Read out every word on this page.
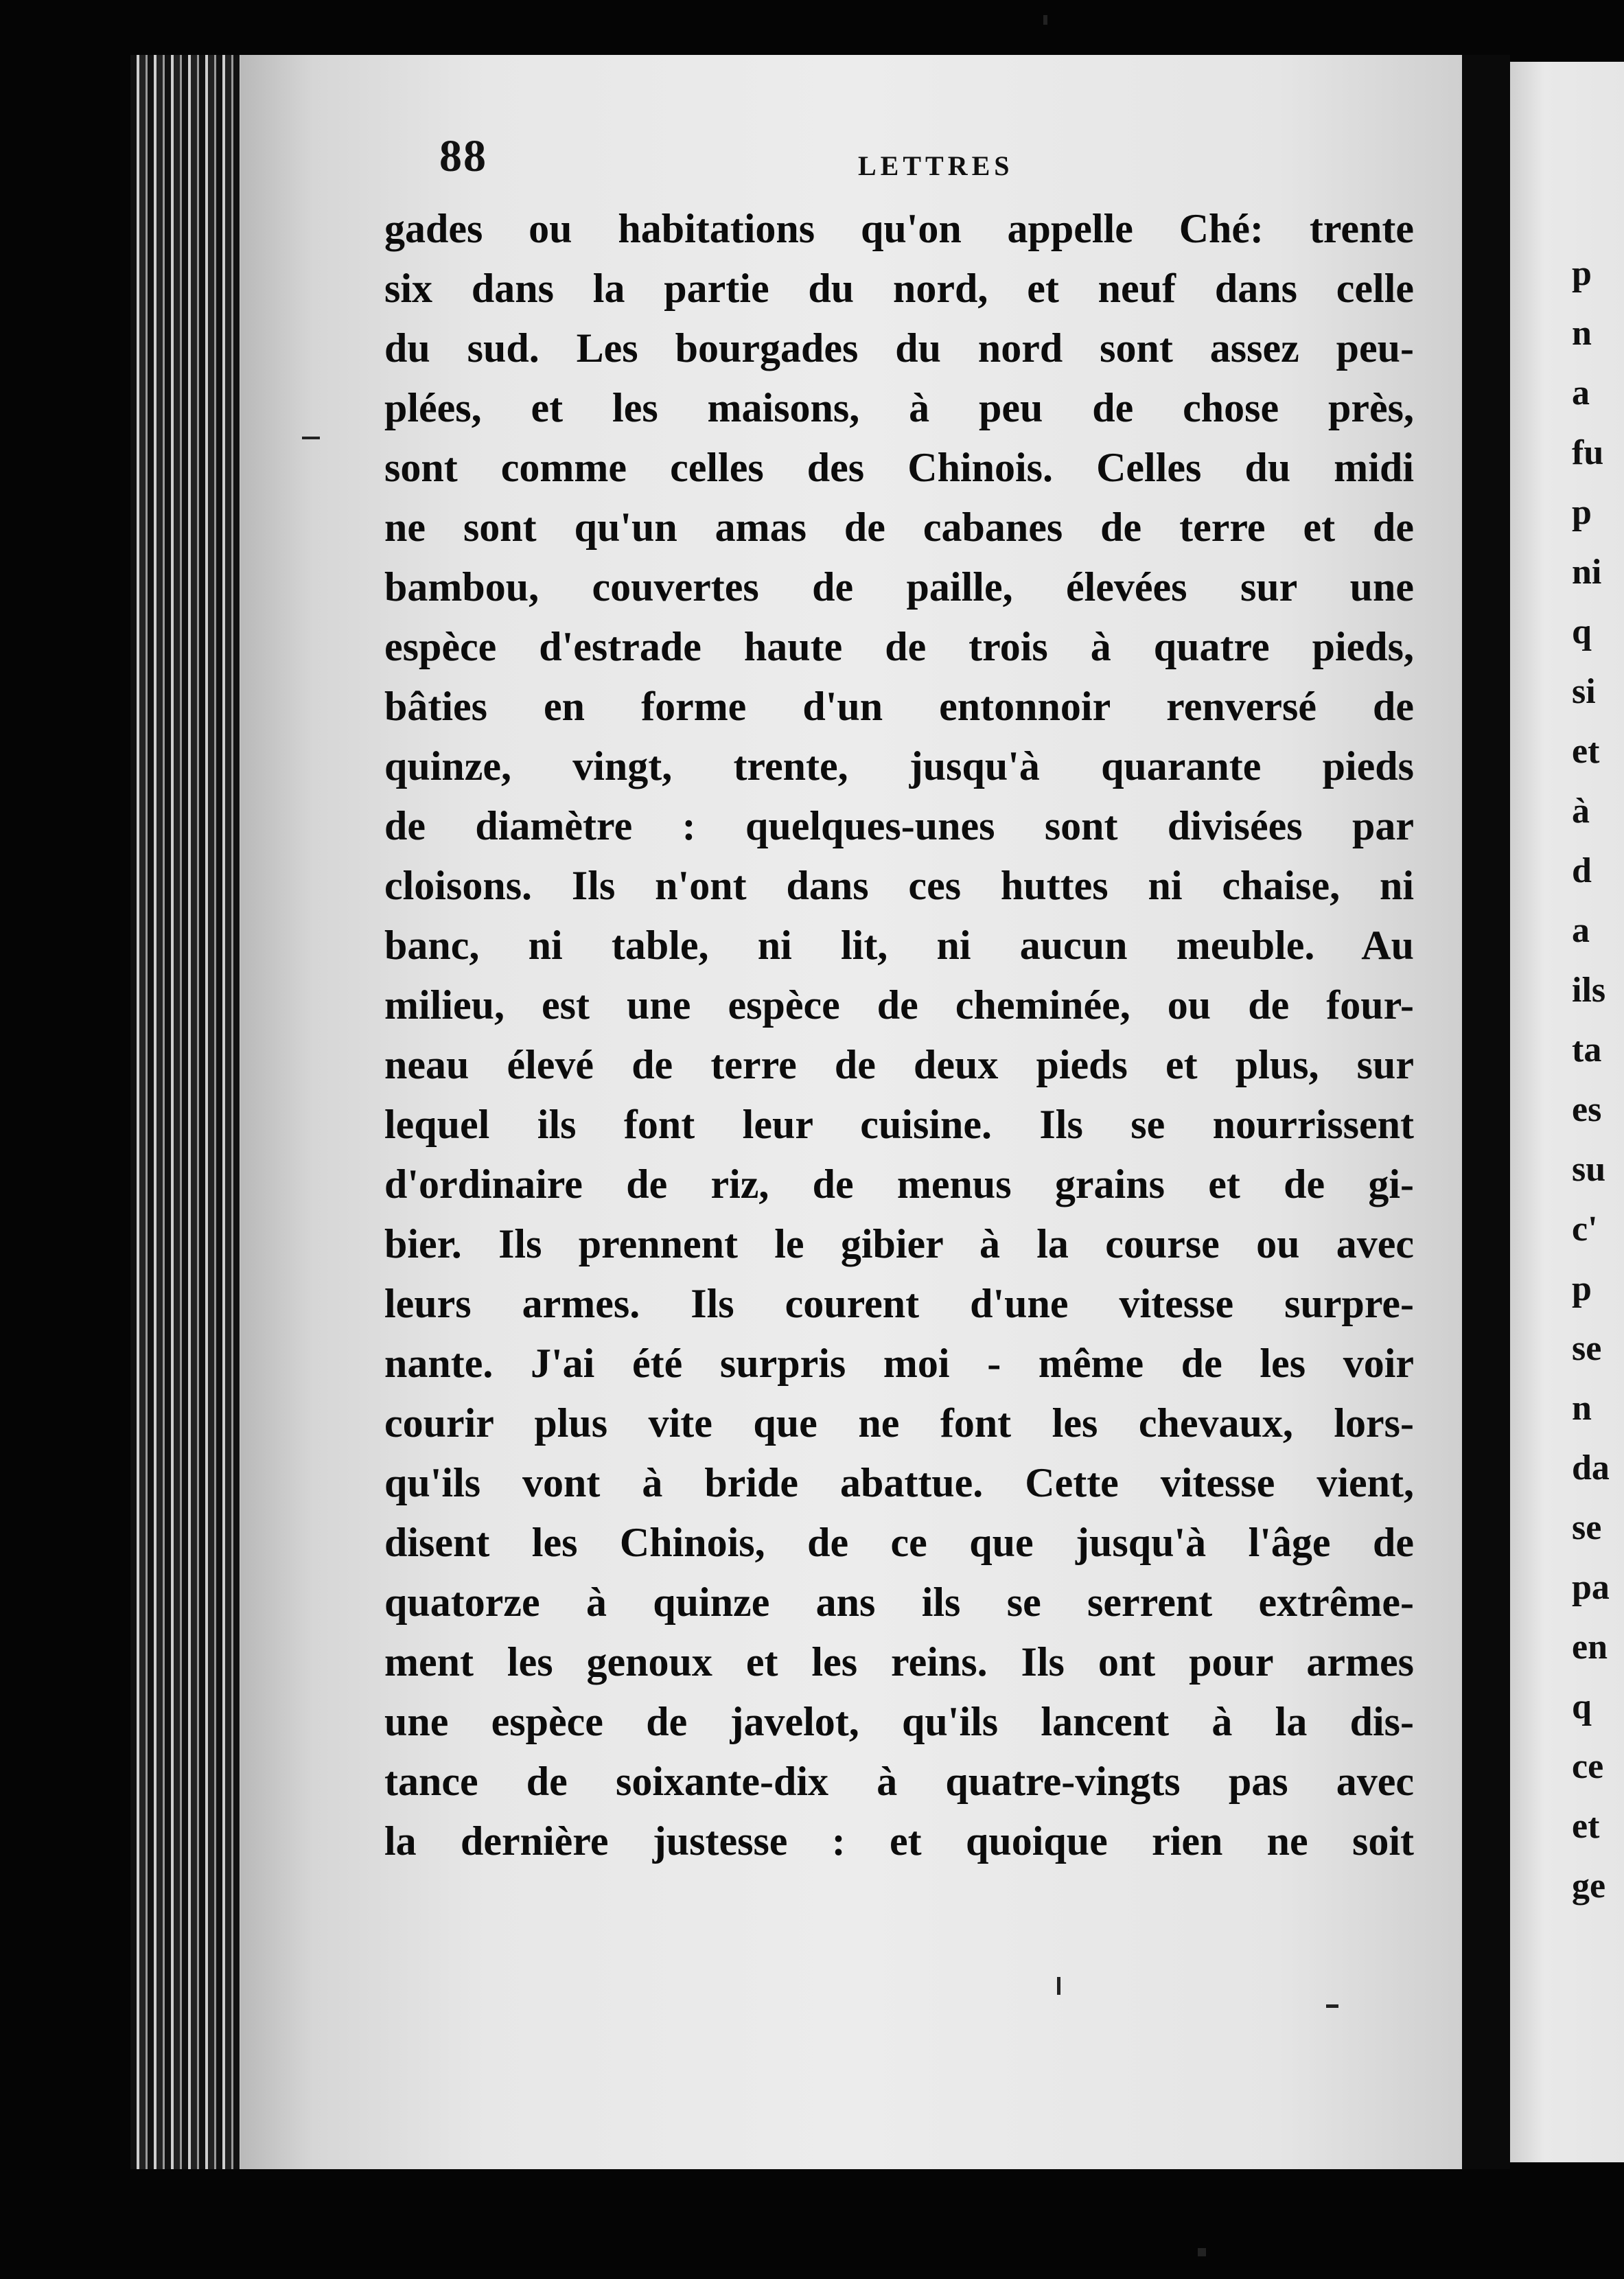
88	LETTRES
gades ou habitations qu'on appelle Ché: trente
six dans la partie du nord, et neuf dans celle
du sud. Les bourgades du nord sont assez peu-
plées, et les maisons, à peu de chose près,
sont comme celles des Chinois. Celles du midi
ne sont qu'un amas de cabanes de terre et de
bambou, couvertes de paille, élevées sur une
espèce d'estrade haute de trois à quatre pieds,
bâties en forme d'un entonnoir renversé de
quinze, vingt, trente, jusqu'à quarante pieds
de diamètre : quelques-unes sont divisées par
cloisons. Ils n'ont dans ces huttes ni chaise, ni
banc, ni table, ni lit, ni aucun meuble. Au
milieu, est une espèce de cheminée, ou de four-
neau élevé de terre de deux pieds et plus, sur
lequel ils font leur cuisine. Ils se nourrissent
d'ordinaire de riz, de menus grains et de gi-
bier. Ils prennent le gibier à la course ou avec
leurs armes. Ils courent d'une vitesse surpre-
nante. J'ai été surpris moi - même de les voir
courir plus vite que ne font les chevaux, lors-
qu'ils vont à bride abattue. Cette vitesse vient,
disent les Chinois, de ce que jusqu'à l'âge de
quatorze à quinze ans ils se serrent extrême-
ment les genoux et les reins. Ils ont pour armes
une espèce de javelot, qu'ils lancent à la dis-
tance de soixante-dix à quatre-vingts pas avec
la dernière justesse : et quoique rien ne soit
p
n
a
fu
p
ni
q
si
et
à
d
a
ils
ta
es
su
c'
p
se
n
da
se
pa
en
q
ce
et
ge
